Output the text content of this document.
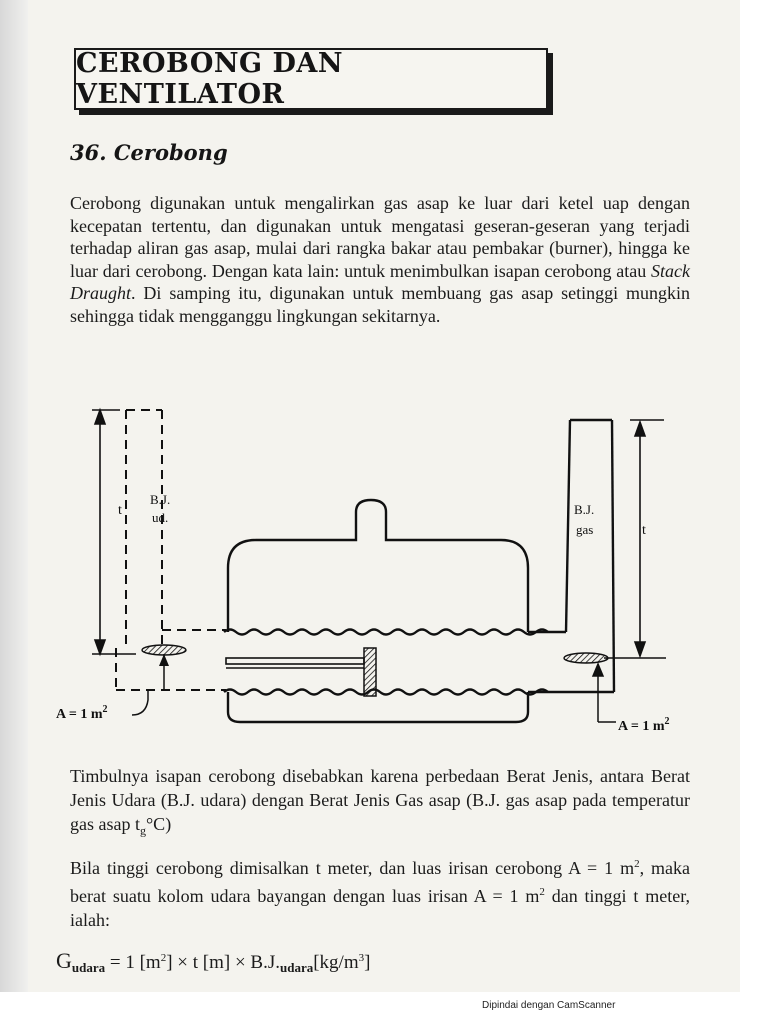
CEROBONG DAN VENTILATOR
36. Cerobong

Cerobong digunakan untuk mengalirkan gas asap ke luar dari ketel uap dengan kecepatan tertentu, dan digunakan untuk mengatasi geseran-geseran yang terjadi terhadap aliran gas asap, mulai dari rangka bakar atau pembakar (burner), hingga ke luar dari cerobong. Dengan kata lain: untuk menimbulkan isapan cerobong atau Stack Draught. Di samping itu, digunakan untuk membuang gas asap setinggi mungkin sehingga tidak mengganggu lingkungan sekitarnya.

t
B.J.
ud.
A = 1 $m^2$
B.J.
gas	t
A = 1 $m^2$

Timbulnya isapan cerobong disebabkan karena perbedaan Berat Jenis, antara Berat Jenis Udara (B.J. udara) dengan Berat Jenis Gas asap (B.J. gas asap pada temperatur gas asap $t_g^\circ C$)

Bila tinggi cerobong dimisalkan t meter, dan luas irisan cerobong A = 1 $m^2$, maka berat suatu kolom udara bayangan dengan luas irisan A = 1 $m^2$ dan tinggi t meter, ialah:

$G_{udara} = 1$ $[m^2] \times t$ $[m] \times B.J._{udara}[kg/m^3]$
Dipindai dengan CamScanner
